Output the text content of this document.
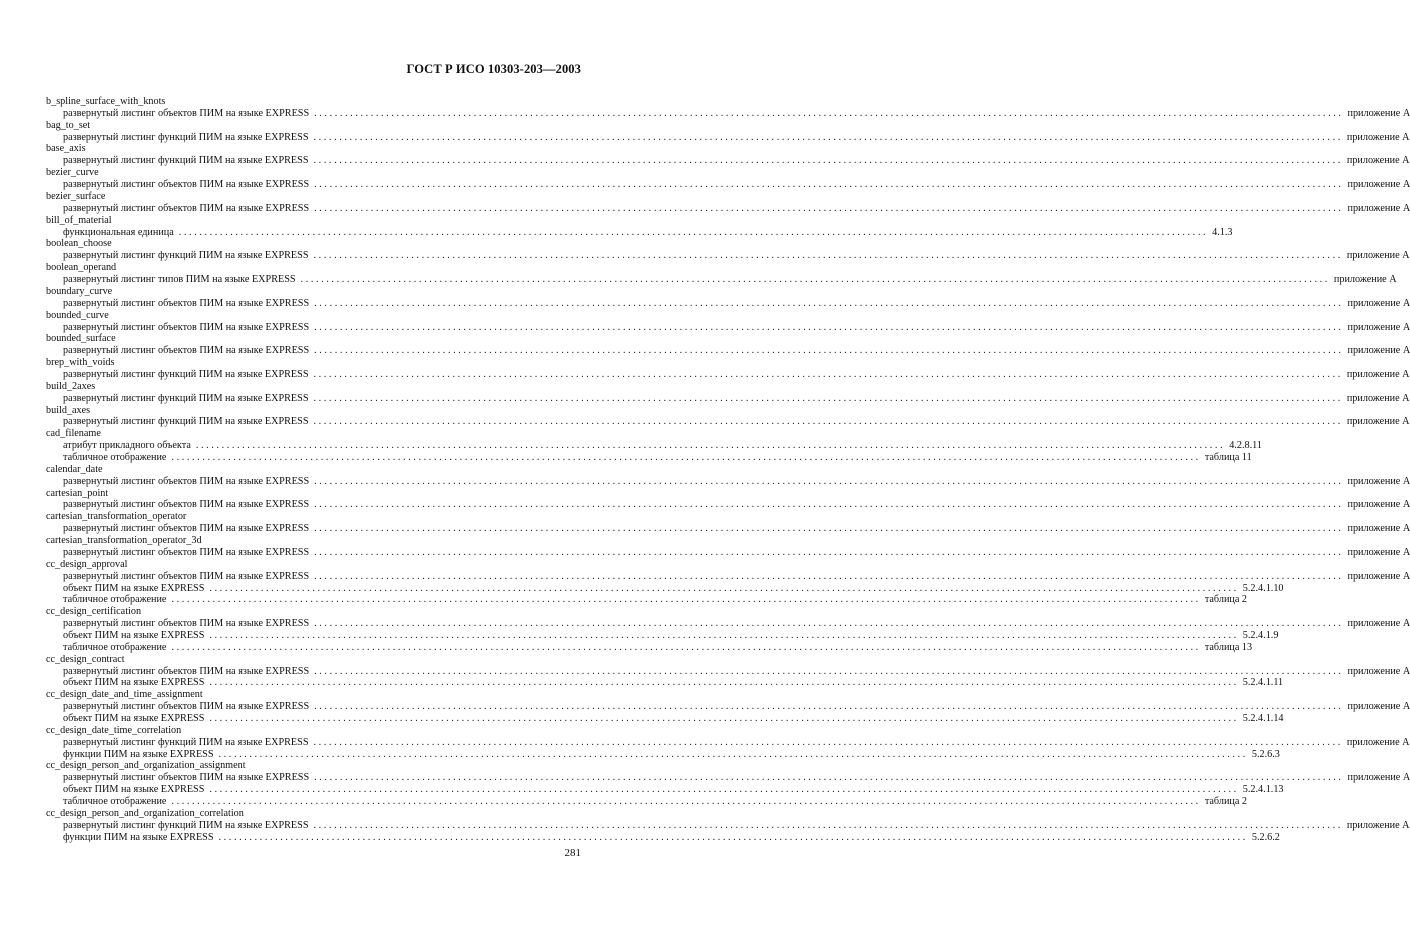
ГОСТ Р ИСО 10303-203—2003
b_spline_surface_with_knots
развернутый листинг объектов ПИМ на языке EXPRESS ........................................................................................................................................................................................................ приложение А
bag_to_set
развернутый листинг функций ПИМ на языке EXPRESS ........................................................................................................................................................................................................ приложение А
base_axis
развернутый листинг функций ПИМ на языке EXPRESS ........................................................................................................................................................................................................ приложение А
bezier_curve
развернутый листинг объектов ПИМ на языке EXPRESS ........................................................................................................................................................................................................ приложение А
bezier_surface
развернутый листинг объектов ПИМ на языке EXPRESS ........................................................................................................................................................................................................ приложение А
bill_of_material
функциональная единица ........................................................................................................................................................................................................ 4.1.3
boolean_choose
развернутый листинг функций ПИМ на языке EXPRESS ........................................................................................................................................................................................................ приложение А
boolean_operand
развернутый листинг типов ПИМ на языке EXPRESS ........................................................................................................................................................................................................ приложение А
boundary_curve
развернутый листинг объектов ПИМ на языке EXPRESS ........................................................................................................................................................................................................ приложение А
bounded_curve
развернутый листинг объектов ПИМ на языке EXPRESS ........................................................................................................................................................................................................ приложение А
bounded_surface
развернутый листинг объектов ПИМ на языке EXPRESS ........................................................................................................................................................................................................ приложение А
brep_with_voids
развернутый листинг функций ПИМ на языке EXPRESS ........................................................................................................................................................................................................ приложение А
build_2axes
развернутый листинг функций ПИМ на языке EXPRESS ........................................................................................................................................................................................................ приложение А
build_axes
развернутый листинг функций ПИМ на языке EXPRESS ........................................................................................................................................................................................................ приложение А
cad_filename
атрибут прикладного объекта ........................................................................................................................................................................................................ 4.2.8.11
табличное отображение ........................................................................................................................................................................................................ таблица 11
calendar_date
развернутый листинг объектов ПИМ на языке EXPRESS ........................................................................................................................................................................................................ приложение А
cartesian_point
развернутый листинг объектов ПИМ на языке EXPRESS ........................................................................................................................................................................................................ приложение А
cartesian_transformation_operator
развернутый листинг объектов ПИМ на языке EXPRESS ........................................................................................................................................................................................................ приложение А
cartesian_transformation_operator_3d
развернутый листинг объектов ПИМ на языке EXPRESS ........................................................................................................................................................................................................ приложение А
cc_design_approval
развернутый листинг объектов ПИМ на языке EXPRESS ........................................................................................................................................................................................................ приложение А
объект ПИМ на языке EXPRESS ........................................................................................................................................................................................................ 5.2.4.1.10
табличное отображение ........................................................................................................................................................................................................ таблица 2
cc_design_certification
развернутый листинг объектов ПИМ на языке EXPRESS ........................................................................................................................................................................................................ приложение А
объект ПИМ на языке EXPRESS ........................................................................................................................................................................................................ 5.2.4.1.9
табличное отображение ........................................................................................................................................................................................................ таблица 13
cc_design_contract
развернутый листинг объектов ПИМ на языке EXPRESS ........................................................................................................................................................................................................ приложение А
объект ПИМ на языке EXPRESS ........................................................................................................................................................................................................ 5.2.4.1.11
cc_design_date_and_time_assignment
развернутый листинг объектов ПИМ на языке EXPRESS ........................................................................................................................................................................................................ приложение А
объект ПИМ на языке EXPRESS ........................................................................................................................................................................................................ 5.2.4.1.14
cc_design_date_time_correlation
развернутый листинг функций ПИМ на языке EXPRESS ........................................................................................................................................................................................................ приложение А
функции ПИМ на языке EXPRESS ........................................................................................................................................................................................................ 5.2.6.3
cc_design_person_and_organization_assignment
развернутый листинг объектов ПИМ на языке EXPRESS ........................................................................................................................................................................................................ приложение А
объект ПИМ на языке EXPRESS ........................................................................................................................................................................................................ 5.2.4.1.13
табличное отображение ........................................................................................................................................................................................................ таблица 2
cc_design_person_and_organization_correlation
развернутый листинг функций ПИМ на языке EXPRESS ........................................................................................................................................................................................................ приложение А
функции ПИМ на языке EXPRESS ........................................................................................................................................................................................................ 5.2.6.2
281
